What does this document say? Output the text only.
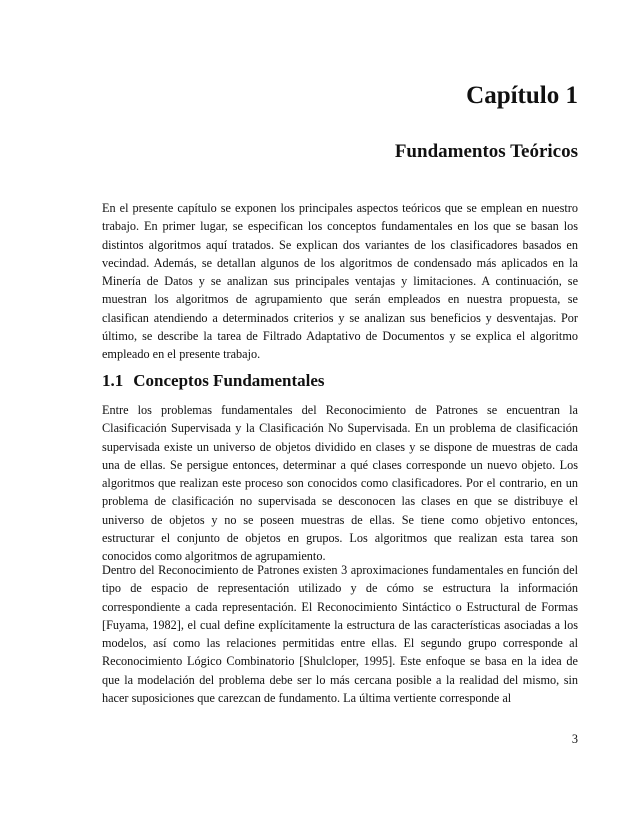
Capítulo 1
Fundamentos Teóricos

En el presente capítulo se exponen los principales aspectos teóricos que se emplean en nuestro trabajo. En primer lugar, se especifican los conceptos fundamentales en los que se basan los distintos algoritmos aquí tratados. Se explican dos variantes de los clasificadores basados en vecindad. Además, se detallan algunos de los algoritmos de condensado más aplicados en la Minería de Datos y se analizan sus principales ventajas y limitaciones. A continuación, se muestran los algoritmos de agrupamiento que serán empleados en nuestra propuesta, se clasifican atendiendo a determinados criterios y se analizan sus beneficios y desventajas. Por último, se describe la tarea de Filtrado Adaptativo de Documentos y se explica el algoritmo empleado en el presente trabajo.

1.1 Conceptos Fundamentales

Entre los problemas fundamentales del Reconocimiento de Patrones se encuentran la Clasificación Supervisada y la Clasificación No Supervisada. En un problema de clasificación supervisada existe un universo de objetos dividido en clases y se dispone de muestras de cada una de ellas. Se persigue entonces, determinar a qué clases corresponde un nuevo objeto. Los algoritmos que realizan este proceso son conocidos como clasificadores. Por el contrario, en un problema de clasificación no supervisada se desconocen las clases en que se distribuye el universo de objetos y no se poseen muestras de ellas. Se tiene como objetivo entonces, estructurar el conjunto de objetos en grupos. Los algoritmos que realizan esta tarea son conocidos como algoritmos de agrupamiento.

Dentro del Reconocimiento de Patrones existen 3 aproximaciones fundamentales en función del tipo de espacio de representación utilizado y de cómo se estructura la información correspondiente a cada representación. El Reconocimiento Sintáctico o Estructural de Formas [Fuyama, 1982], el cual define explícitamente la estructura de las características asociadas a los modelos, así como las relaciones permitidas entre ellas. El segundo grupo corresponde al Reconocimiento Lógico Combinatorio [Shulcloper, 1995]. Este enfoque se basa en la idea de que la modelación del problema debe ser lo más cercana posible a la realidad del mismo, sin hacer suposiciones que carezcan de fundamento. La última vertiente corresponde al

3
